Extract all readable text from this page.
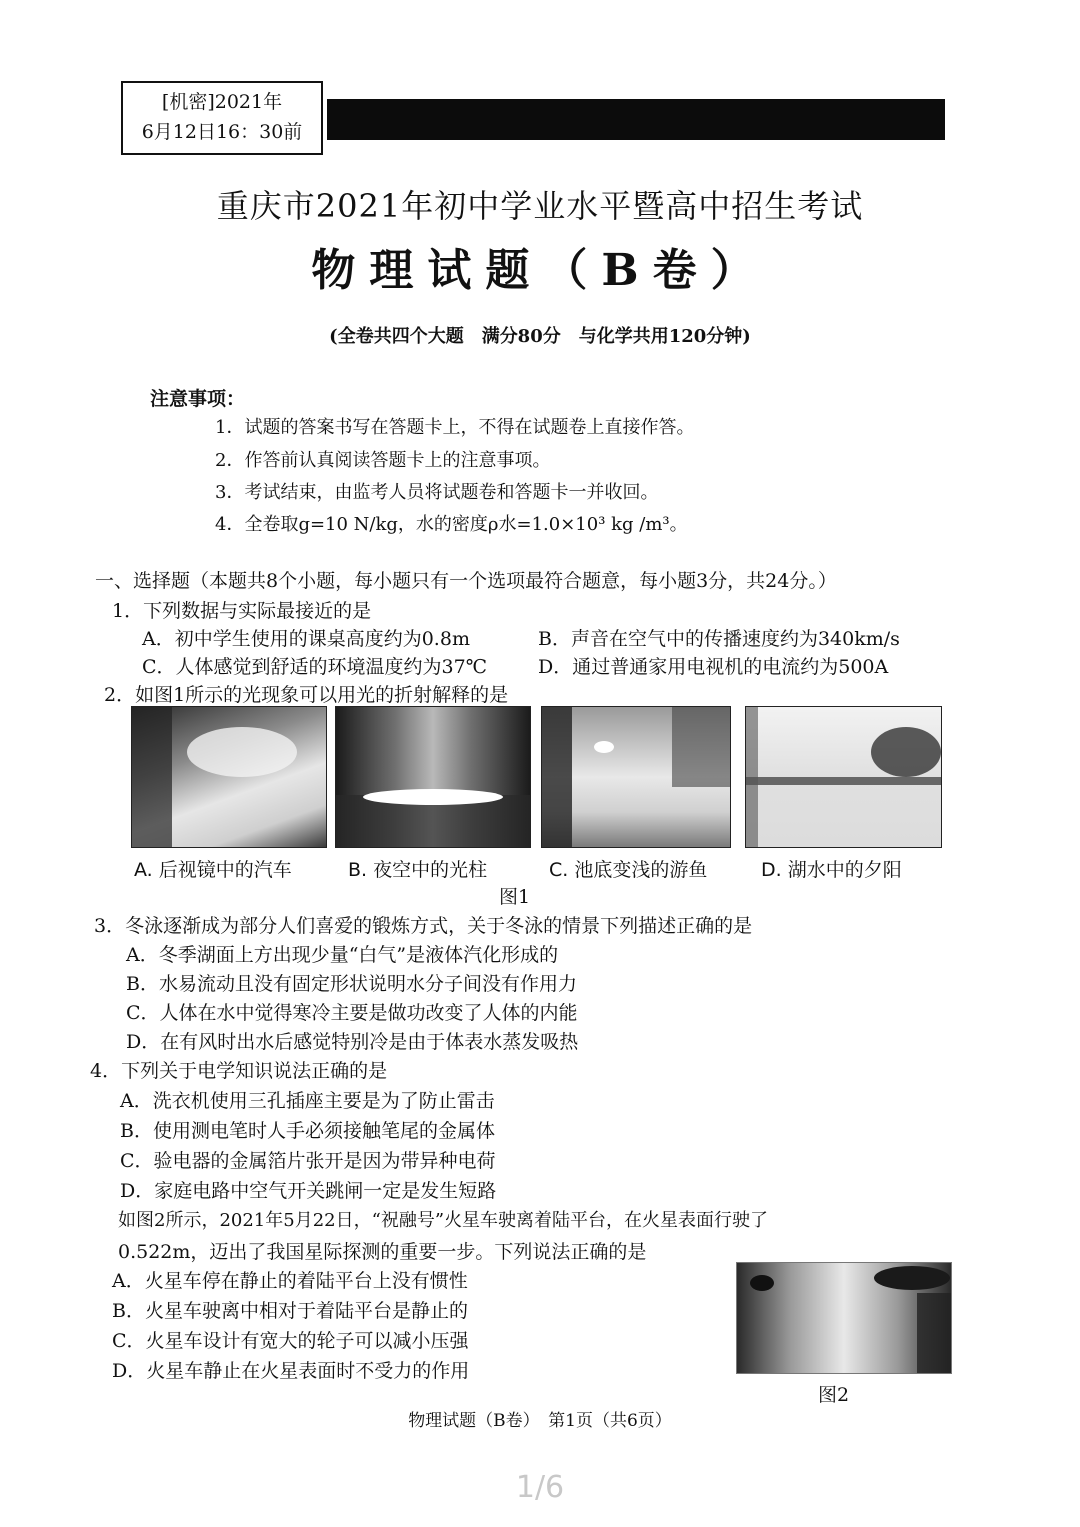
[机密]2021年
6月12日16：30前
重庆市2021年初中学业水平暨高中招生考试
物理试题（B卷）
(全卷共四个大题　满分80分　与化学共用120分钟)
注意事项：
1．试题的答案书写在答题卡上，不得在试题卷上直接作答。
2．作答前认真阅读答题卡上的注意事项。
3．考试结束，由监考人员将试题卷和答题卡一并收回。
4．全卷取g=10 N/kg，水的密度ρ水=1.0×10³ kg /m³。
一、选择题（本题共8个小题，每小题只有一个选项最符合题意，每小题3分，共24分。）
1．下列数据与实际最接近的是
A．初中学生使用的课桌高度约为0.8m	B．声音在空气中的传播速度约为340km/s
C．人体感觉到舒适的环境温度约为37℃	D．通过普通家用电视机的电流约为500A
2．如图1所示的光现象可以用光的折射解释的是
A. 后视镜中的汽车	B. 夜空中的光柱	C. 池底变浅的游鱼	D. 湖水中的夕阳
图1
3．冬泳逐渐成为部分人们喜爱的锻炼方式，关于冬泳的情景下列描述正确的是
A．冬季湖面上方出现少量“白气”是液体汽化形成的
B．水易流动且没有固定形状说明水分子间没有作用力
C．人体在水中觉得寒冷主要是做功改变了人体的内能
D．在有风时出水后感觉特别冷是由于体表水蒸发吸热
4．下列关于电学知识说法正确的是
A．洗衣机使用三孔插座主要是为了防止雷击
B．使用测电笔时人手必须接触笔尾的金属体
C．验电器的金属箔片张开是因为带异种电荷
D．家庭电路中空气开关跳闸一定是发生短路
如图2所示，2021年5月22日，“祝融号”火星车驶离着陆平台，在火星表面行驶了
0.522m，迈出了我国星际探测的重要一步。下列说法正确的是
A．火星车停在静止的着陆平台上没有惯性
B．火星车驶离中相对于着陆平台是静止的
C．火星车设计有宽大的轮子可以减小压强
D．火星车静止在火星表面时不受力的作用
图2
物理试题（B卷）　第1页（共6页）
1/6
